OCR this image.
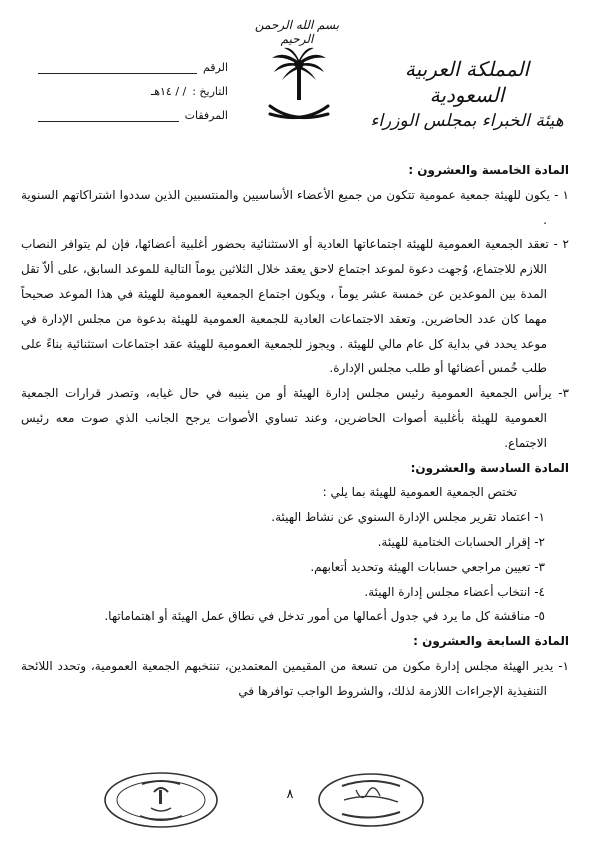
بسم الله الرحمن الرحيم
المملكة العربية السعودية
هيئة الخبراء بمجلس الوزراء
الرقم
التاريخ :
/ / ١٤هـ
المرفقات

المادة الخامسة والعشرون :

١ - يكون للهيئة جمعية عمومية تتكون من جميع الأعضاء الأساسيين والمنتسبين الذين سددوا اشتراكاتهم السنوية .

٢ - تعقد الجمعية العمومية للهيئة اجتماعاتها العادية أو الاستثنائية بحضور أغلبية أعضائها، فإن لم يتوافر النصاب اللازم للاجتماع، وُجهت دعوة لموعد اجتماع لاحق يعقد خلال الثلاثين يوماً التالية للموعد السابق، على ألاّ تقل المدة بين الموعدين عن خمسة عشر يوماً ، ويكون اجتماع الجمعية العمومية للهيئة في هذا الموعد صحيحاً مهما كان عدد الحاضرين. وتعقد الاجتماعات العادية للجمعية العمومية للهيئة بدعوة من مجلس الإدارة في موعد يحدد في بداية كل عام مالي للهيئة . ويجوز للجمعية العمومية للهيئة عقد اجتماعات استثنائية بناءً على طلب خُمس أعضائها أو طلب مجلس الإدارة.

٣- يرأس الجمعية العمومية رئيس مجلس إدارة الهيئة أو من ينيبه في حال غيابه، وتصدر قرارات الجمعية العمومية للهيئة بأغلبية أصوات الحاضرين، وعند تساوي الأصوات يرجح الجانب الذي صوت معه رئيس الاجتماع.

المادة السادسة والعشرون:

تختص الجمعية العمومية للهيئة بما يلي :

١- اعتماد تقرير مجلس الإدارة السنوي عن نشاط الهيئة.

٢- إقرار الحسابات الختامية للهيئة.

٣- تعيين مراجعي حسابات الهيئة وتحديد أتعابهم.

٤- انتخاب أعضاء مجلس إدارة الهيئة.

٥- مناقشة كل ما يرد في جدول أعمالها من أمور تدخل في نطاق عمل الهيئة أو اهتماماتها.

المادة السابعة والعشرون :

١- يدير الهيئة مجلس إدارة مكون من تسعة من المقيمين المعتمدين، تنتخبهم الجمعية العمومية، وتحدد اللائحة التنفيذية الإجراءات اللازمة لذلك، والشروط الواجب توافرها في

٨
